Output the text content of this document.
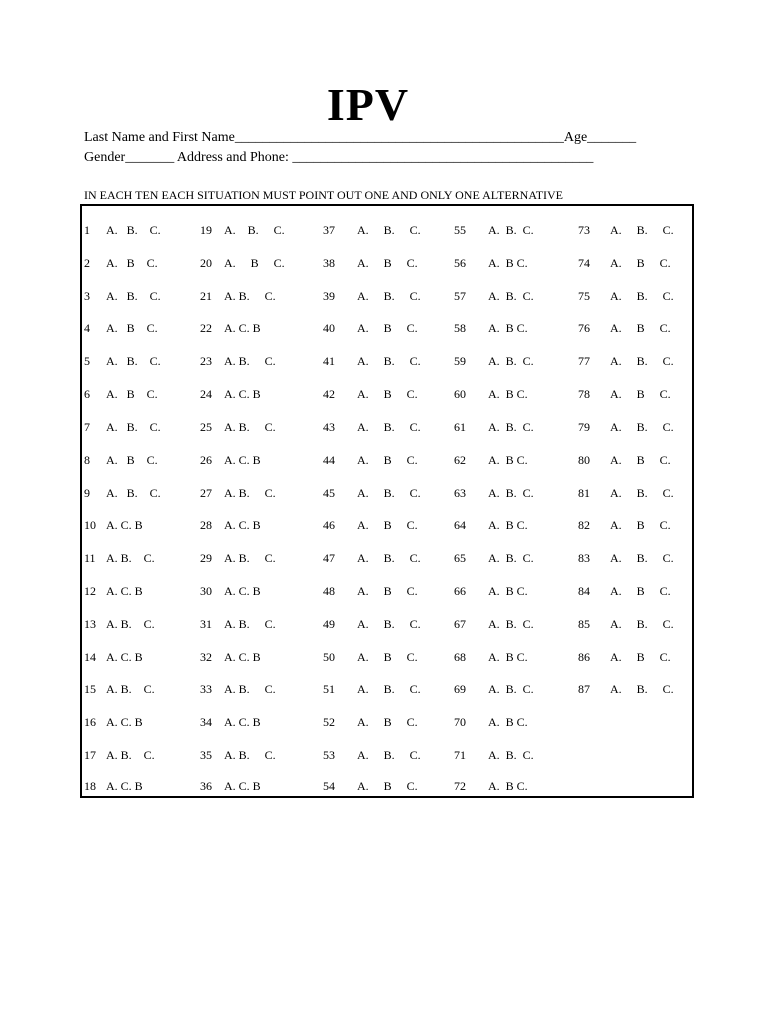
IPV
Last Name and First Name_______________________________________________Age_______
Gender_______ Address and Phone: ___________________________________________
IN EACH TEN EACH SITUATION MUST POINT OUT ONE AND ONLY ONE ALTERNATIVE
1 A.   B.    C.	19 A.    B.     C.	37 A.     B.     C.	55 A.  B.  C.	73 A.     B.     C.
2 A.   B    C.	20 A.     B     C.	38 A.     B     C.	56 A.  B C.	74 A.     B     C.
3 A.   B.    C.	21 A. B.     C.	39 A.     B.     C.	57 A.  B.  C.	75 A.     B.     C.
4 A.   B    C.	22 A. C. B	40 A.     B     C.	58 A.  B C.	76 A.     B     C.
5 A.   B.    C.	23 A. B.     C.	41 A.     B.     C.	59 A.  B.  C.	77 A.     B.     C.
6 A.   B    C.	24 A. C. B	42 A.     B     C.	60 A.  B C.	78 A.     B     C.
7 A.   B.    C.	25 A. B.     C.	43 A.     B.     C.	61 A.  B.  C.	79 A.     B.     C.
8 A.   B    C.	26 A. C. B	44 A.     B     C.	62 A.  B C.	80 A.     B     C.
9 A.   B.    C.	27 A. B.     C.	45 A.     B.     C.	63 A.  B.  C.	81 A.     B.     C.
10 A. C. B	28 A. C. B	46 A.     B     C.	64 A.  B C.	82 A.     B     C.
11 A. B.    C.	29 A. B.     C.	47 A.     B.     C.	65 A.  B.  C.	83 A.     B.     C.
12 A. C. B	30 A. C. B	48 A.     B     C.	66 A.  B C.	84 A.     B     C.
13 A. B.    C.	31 A. B.     C.	49 A.     B.     C.	67 A.  B.  C.	85 A.     B.     C.
14 A. C. B	32 A. C. B	50 A.     B     C.	68 A.  B C.	86 A.     B     C.
15 A. B.    C.	33 A. B.     C.	51 A.     B.     C.	69 A.  B.  C.	87 A.     B.     C.
16 A. C. B	34 A. C. B	52 A.     B     C.	70 A.  B C.
17 A. B.    C.	35 A. B.     C.	53 A.     B.     C.	71 A.  B.  C.
18 A. C. B	36 A. C. B	54 A.     B     C.	72 A.  B C.
